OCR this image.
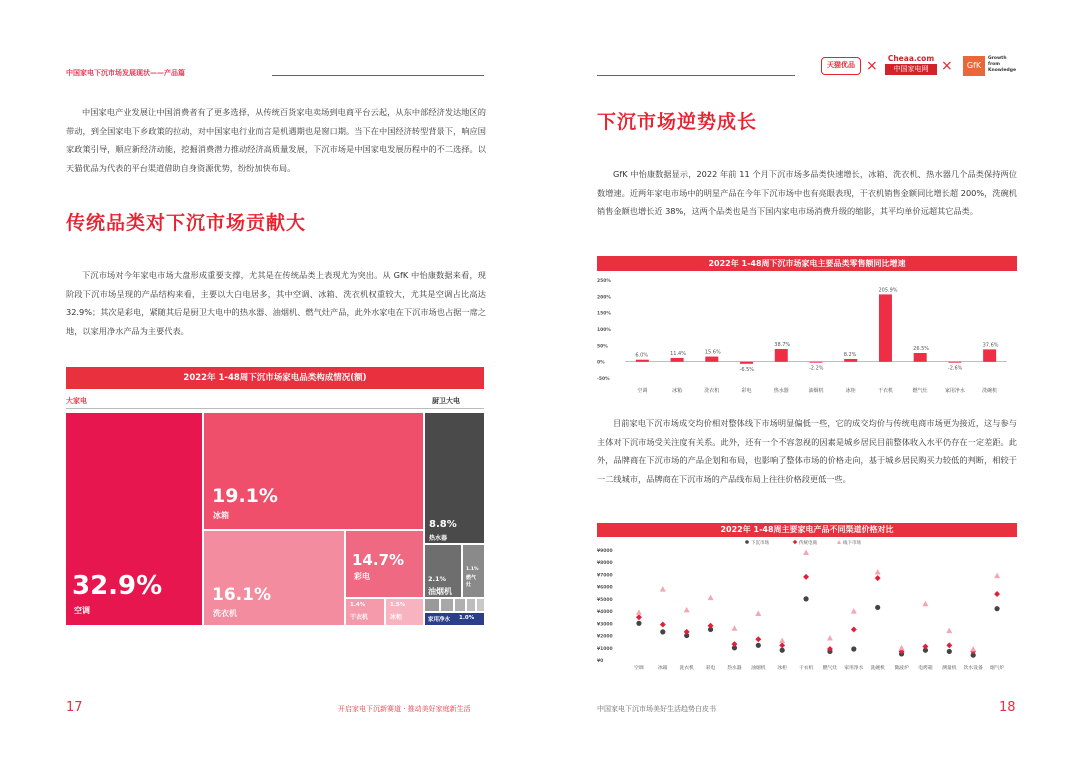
中国家电下沉市场发展现状——产品篇

中国家电产业发展让中国消费者有了更多选择，从传统百货家电卖场到电商平台云起，从东中部经济发达地区的带动，到全国家电下乡政策的拉动，对中国家电行业而言是机遇期也是窗口期。当下在中国经济转型背景下，响应国家政策引导，顺应新经济动能，挖掘消费潜力推动经济高质量发展，下沉市场是中国家电发展历程中的不二选择。以天猫优品为代表的平台渠道借助自身资源优势，纷纷加快布局。

传统品类对下沉市场贡献大

下沉市场对今年家电市场大盘形成重要支撑，尤其是在传统品类上表现尤为突出。从 GfK 中怡康数据来看，现阶段下沉市场呈现的产品结构来看，主要以大白电居多，其中空调、冰箱、洗衣机权重较大，尤其是空调占比高达 32.9%；其次是彩电，紧随其后是厨卫大电中的热水器、油烟机、燃气灶产品，此外水家电在下沉市场也占据一席之地，以家用净水产品为主要代表。

2022年 1-48周下沉市场家电品类构成情况(额)
大家电	厨卫大电
32.9%
空调
19.1%
冰箱
16.1%
洗衣机
14.7%
彩电
1.4%
干衣机
1.5%
冰柜
8.8%
热水器
2.1%
油烟机
1.1%
燃气灶
家用净水 1.0%
17	开启家电下沉新赛道 · 推动美好家庭新生活
天猫优品 ×	Cheaa.com
中国家电网 ×	GfK
Growth from Knowledge
下沉市场逆势成长

GfK 中怡康数据显示，2022 年前 11 个月下沉市场多品类快速增长，冰箱、洗衣机、热水器几个品类保持两位数增速。近两年家电市场中的明星产品在今年下沉市场中也有亮眼表现，干衣机销售金额同比增长超 200%，洗碗机销售金额也增长近 38%，这两个品类也是当下国内家电市场消费升级的缩影，其平均单价远超其它品类。

2022年 1-48周下沉市场家电主要品类零售额同比增速
250%
200%
150%
100%
50%
0%
-50%
6.0%
空调
11.4%
冰箱
15.6%
洗衣机
-6.5%
彩电
38.7%
热水器
-2.2%
油烟机
8.2%
冰柜
205.9%
干衣机
26.5%
燃气灶
-2.6%
家用净水
37.6%
洗碗机

目前家电下沉市场成交均价相对整体线下市场明显偏低一些，它的成交均价与传统电商市场更为接近，这与参与主体对下沉市场受关注度有关系。此外，还有一个不容忽视的因素是城乡居民目前整体收入水平仍存在一定差距。此外，品牌商在下沉市场的产品企划和布局，也影响了整体市场的价格走向，基于城乡居民购买力较低的判断，相较于一二线城市，品牌商在下沉市场的产品线布局上往往价格段更低一些。

2022年 1-48周主要家电产品不同渠道价格对比
¥9000
¥8000
¥7000
¥6000
¥5000
¥4000
¥3000
¥2000
¥1000
¥0
下沉市场	传统电商	线下市场
空调	冰箱 洗衣机 彩电 热水器 油烟机 冰柜 干衣机 燃气灶 家用净水 洗碗机 微波炉 电烤箱 测量机 饮水设备 烟气炉
中国家电下沉市场美好生活趋势白皮书	18
